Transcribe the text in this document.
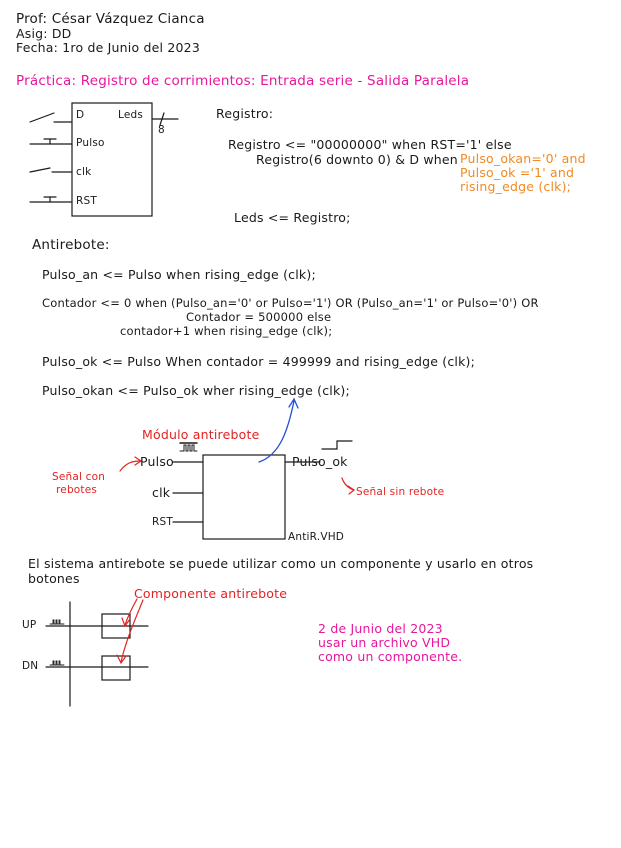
Prof: César Vázquez Cianca
Asig: DD
Fecha: 1ro de Junio del 2023
Práctica: Registro de corrimientos: Entrada serie - Salida Paralela
D
Pulso
clk
RST
Leds
8
Registro:
Registro <= "00000000" when RST='1' else
Registro(6 downto 0) & D when Pulso_okan='0' and
Pulso_ok ='1' and
rising_edge (clk);
Leds <= Registro;
Antirebote:
Pulso_an <= Pulso when rising_edge (clk);
Contador <= 0 when (Pulso_an='0' or Pulso='1') OR (Pulso_an='1' or Pulso='0') OR
Contador = 500000 else
contador+1 when rising_edge (clk);
Pulso_ok <= Pulso When contador = 499999 and rising_edge (clk);
Pulso_okan <= Pulso_ok wher rising_edge (clk);
Módulo antirebote
Pulso
clk
RST
Pulso_ok
AntiR.VHD
Señal con
rebotes	Señal sin rebote
El sistema antirebote se puede utilizar como un componente y usarlo en otros
botones
Componente antirebote
UP
DN
2 de Junio del 2023
usar un archivo VHD
como un componente.
